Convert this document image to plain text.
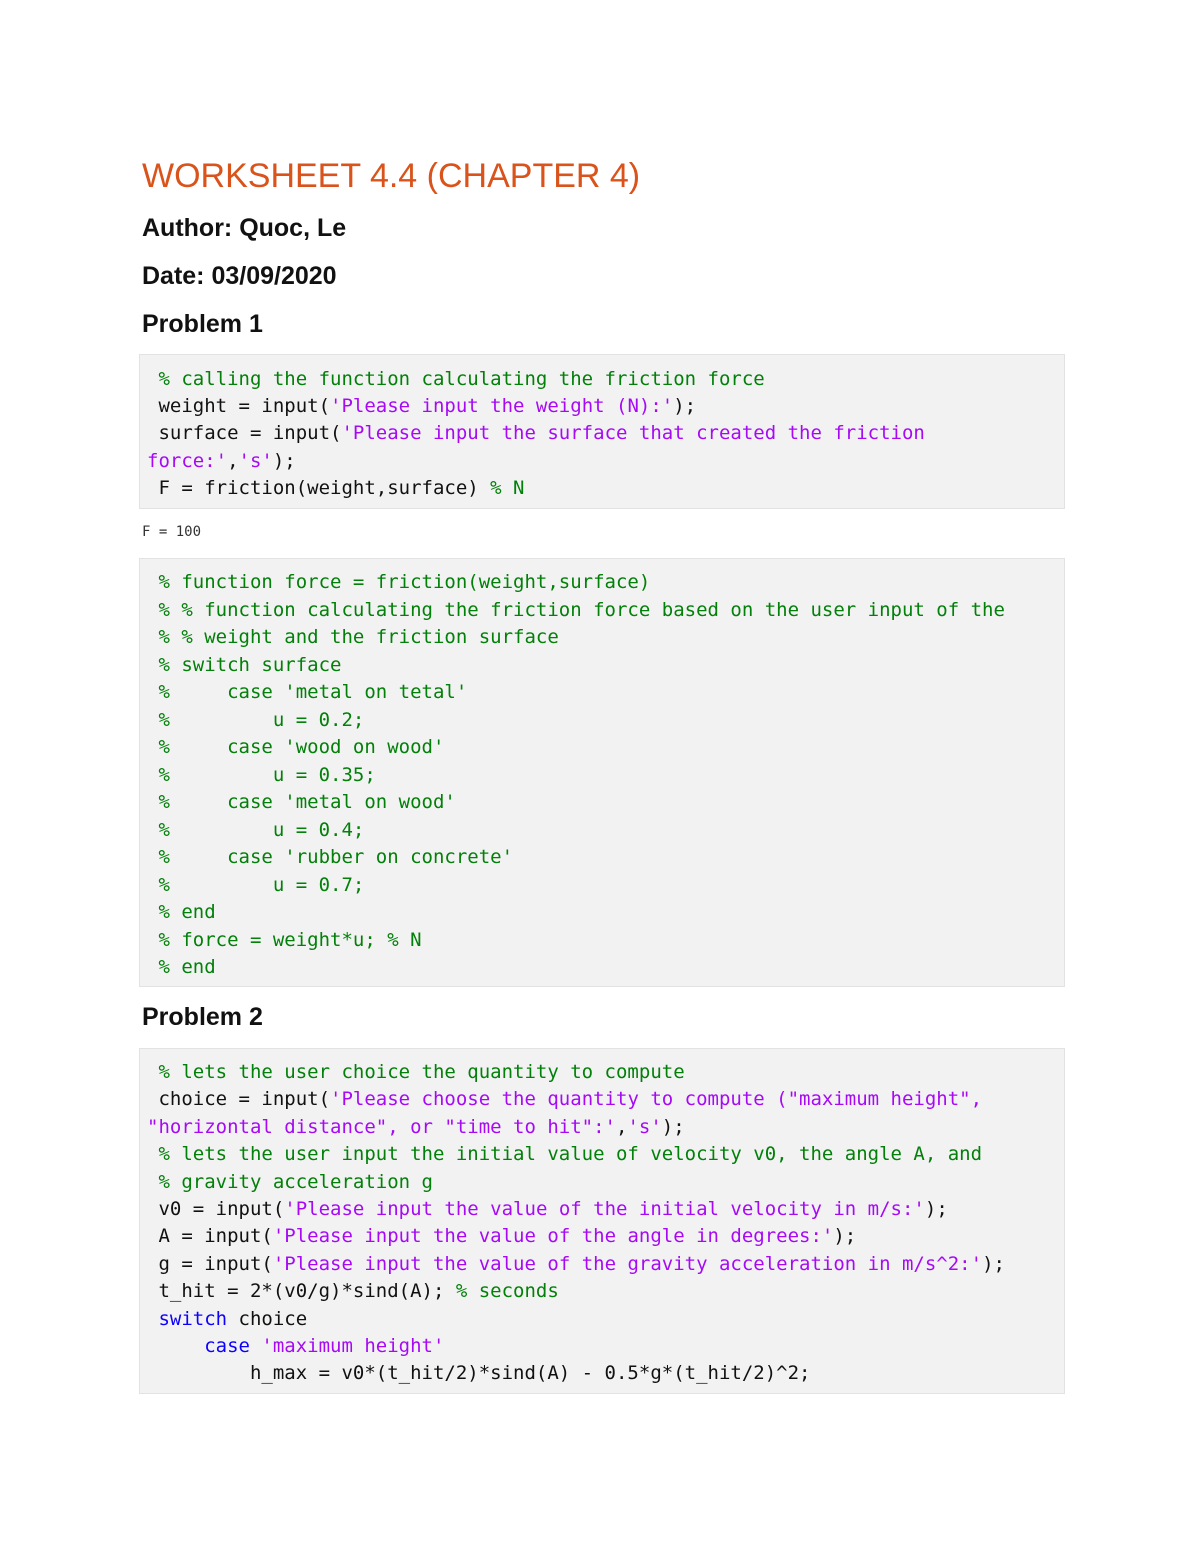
WORKSHEET 4.4 (CHAPTER 4)
Author: Quoc, Le
Date: 03/09/2020
Problem 1
% calling the function calculating the friction force
weight = input('Please input the weight (N):');
surface = input('Please input the surface that created the friction
force:','s');
F = friction(weight,surface) % N
F = 100
% function force = friction(weight,surface)
% % function calculating the friction force based on the user input of the
% % weight and the friction surface
% switch surface
%     case 'metal on tetal'
%         u = 0.2;
%     case 'wood on wood'
%         u = 0.35;
%     case 'metal on wood'
%         u = 0.4;
%     case 'rubber on concrete'
%         u = 0.7;
% end
% force = weight*u; % N
% end
Problem 2
% lets the user choice the quantity to compute
choice = input('Please choose the quantity to compute ("maximum height",
"horizontal distance", or "time to hit":','s');
% lets the user input the initial value of velocity v0, the angle A, and
% gravity acceleration g
v0 = input('Please input the value of the initial velocity in m/s:');
A = input('Please input the value of the angle in degrees:');
g = input('Please input the value of the gravity acceleration in m/s^2:');
t_hit = 2*(v0/g)*sind(A); % seconds
switch choice
case 'maximum height'
h_max = v0*(t_hit/2)*sind(A) - 0.5*g*(t_hit/2)^2;
